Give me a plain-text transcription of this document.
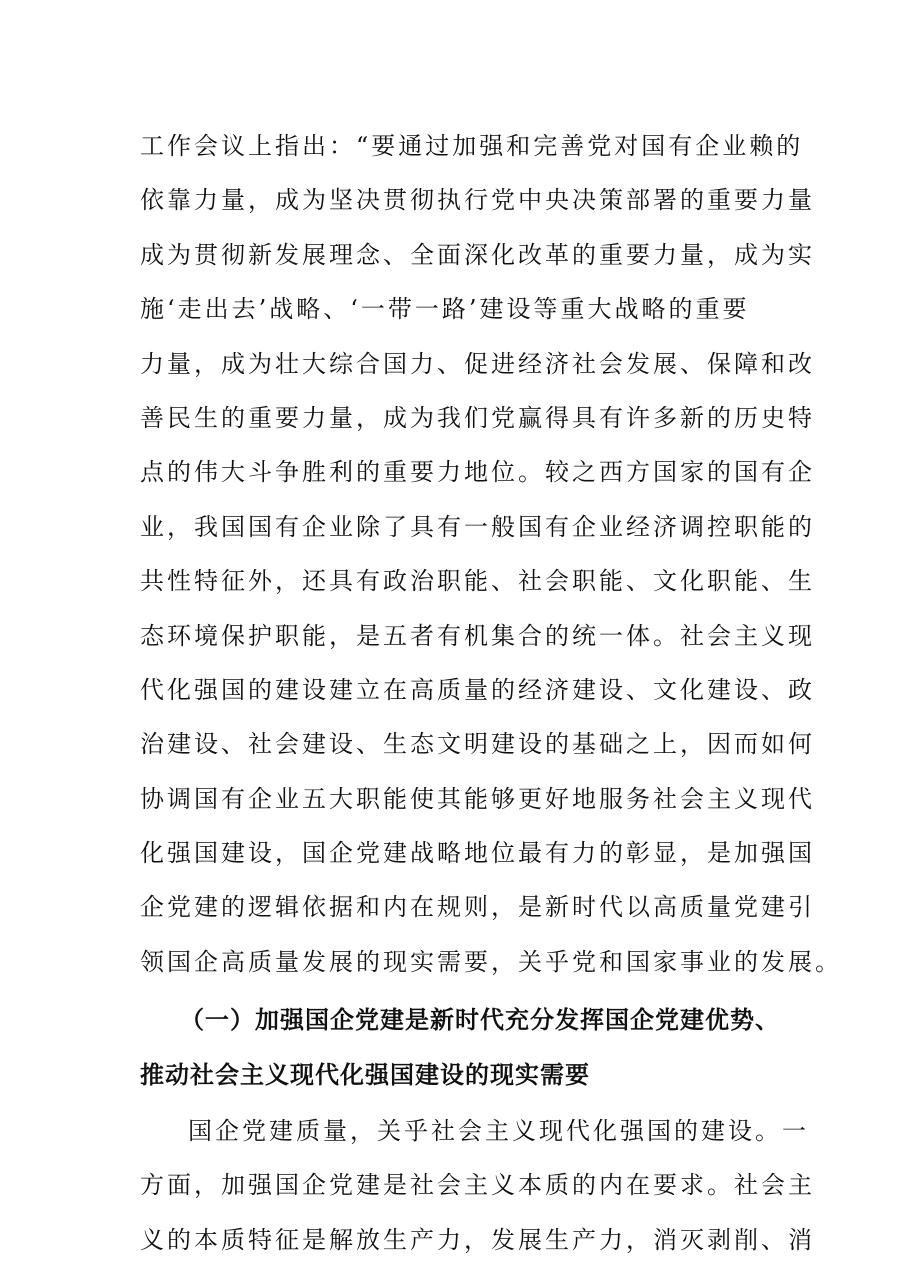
工作会议上指出：“要通过加强和完善党对国有企业赖的
依靠力量，成为坚决贯彻执行党中央决策部署的重要力量
成为贯彻新发展理念、全面深化改革的重要力量，成为实
施‘走出去’战略、‘一带一路’建设等重大战略的重要
力量，成为壮大综合国力、促进经济社会发展、保障和改
善民生的重要力量，成为我们党赢得具有许多新的历史特
点的伟大斗争胜利的重要力地位。较之西方国家的国有企
业，我国国有企业除了具有一般国有企业经济调控职能的
共性特征外，还具有政治职能、社会职能、文化职能、生
态环境保护职能，是五者有机集合的统一体。社会主义现
代化强国的建设建立在高质量的经济建设、文化建设、政
治建设、社会建设、生态文明建设的基础之上，因而如何
协调国有企业五大职能使其能够更好地服务社会主义现代
化强国建设，国企党建战略地位最有力的彰显，是加强国
企党建的逻辑依据和内在规则，是新时代以高质量党建引
领国企高质量发展的现实需要，关乎党和国家事业的发展。
（一）加强国企党建是新时代充分发挥国企党建优势、
推动社会主义现代化强国建设的现实需要
国企党建质量，关乎社会主义现代化强国的建设。一
方面，加强国企党建是社会主义本质的内在要求。社会主
义的本质特征是解放生产力，发展生产力，消灭剥削、消
